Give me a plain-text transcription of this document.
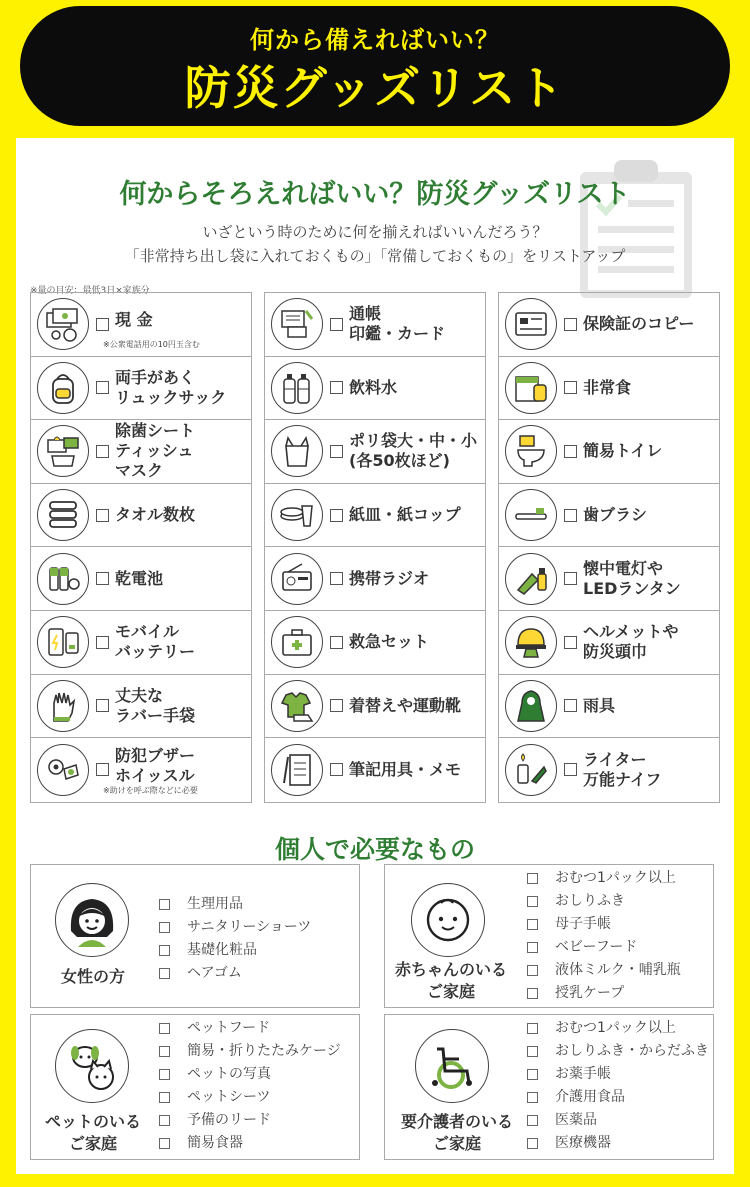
何から備えればいい？
防災グッズリスト
何からそろえればいい？防災グッズリスト
いざという時のために何を揃えればいいんだろう？
「非常持ち出し袋に入れておくもの」「常備しておくもの」をリストアップ
※量の目安：最低3日×家族分
現 金
※公衆電話用の10円玉含む
両手があく
リュックサック
除菌シート
ティッシュ
マスク
タオル数枚
乾電池
モバイル
バッテリー
丈夫な
ラバー手袋
防犯ブザー
ホイッスル
※助けを呼ぶ際などに必要
通帳
印鑑・カード
飲料水
ポリ袋大・中・小
(各50枚ほど)
紙皿・紙コップ
携帯ラジオ
救急セット
着替えや運動靴
筆記用具・メモ
保険証のコピー
非常食
簡易トイレ
歯ブラシ
懐中電灯や
LEDランタン
ヘルメットや
防災頭巾
雨具
ライター
万能ナイフ
個人で必要なもの
女性の方
生理用品
サニタリーショーツ
基礎化粧品
ヘアゴム	赤ちゃんのいる
ご家庭
おむつ1パック以上
おしりふき
母子手帳
ベビーフード
液体ミルク・哺乳瓶
授乳ケープ
ペットのいる
ご家庭
ペットフード
簡易・折りたたみケージ
ペットの写真
ペットシーツ
予備のリード
簡易食器
要介護者のいる
ご家庭
おむつ1パック以上
おしりふき・からだふき
お薬手帳
介護用食品
医薬品
医療機器
